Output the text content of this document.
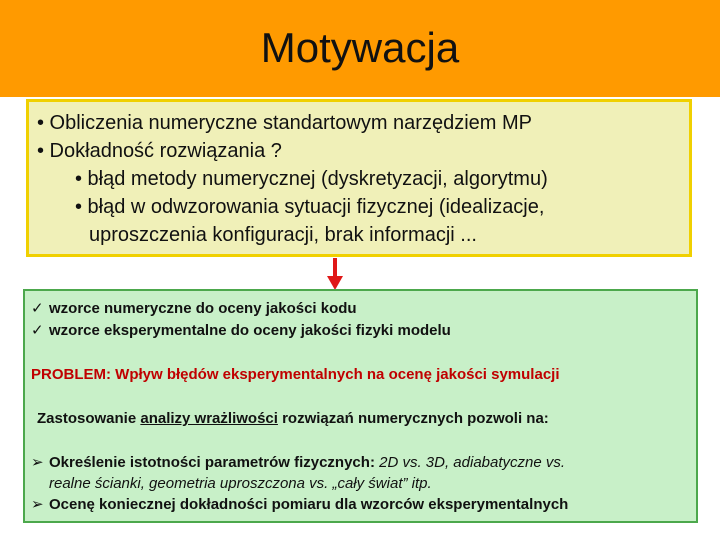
Motywacja
• Obliczenia numeryczne standartowym narzędziem MP
• Dokładność rozwiązania ?
• błąd metody numerycznej (dyskretyzacji, algorytmu)
• błąd w odwzorowania sytuacji fizycznej (idealizacje,
uproszczenia konfiguracji, brak informacji ...
✓ wzorce numeryczne do oceny jakości kodu
✓ wzorce eksperymentalne do oceny jakości fizyki modelu
PROBLEM: Wpływ błędów eksperymentalnych na ocenę jakości symulacji
Zastosowanie analizy wrażliwości rozwiązań numerycznych pozwoli na:
➢ Określenie istotności parametrów fizycznych: 2D vs. 3D, adiabatyczne vs.
realne ścianki, geometria uproszczona vs. „cały świat” itp.
➢ Ocenę koniecznej dokładności pomiaru dla wzorców eksperymentalnych
